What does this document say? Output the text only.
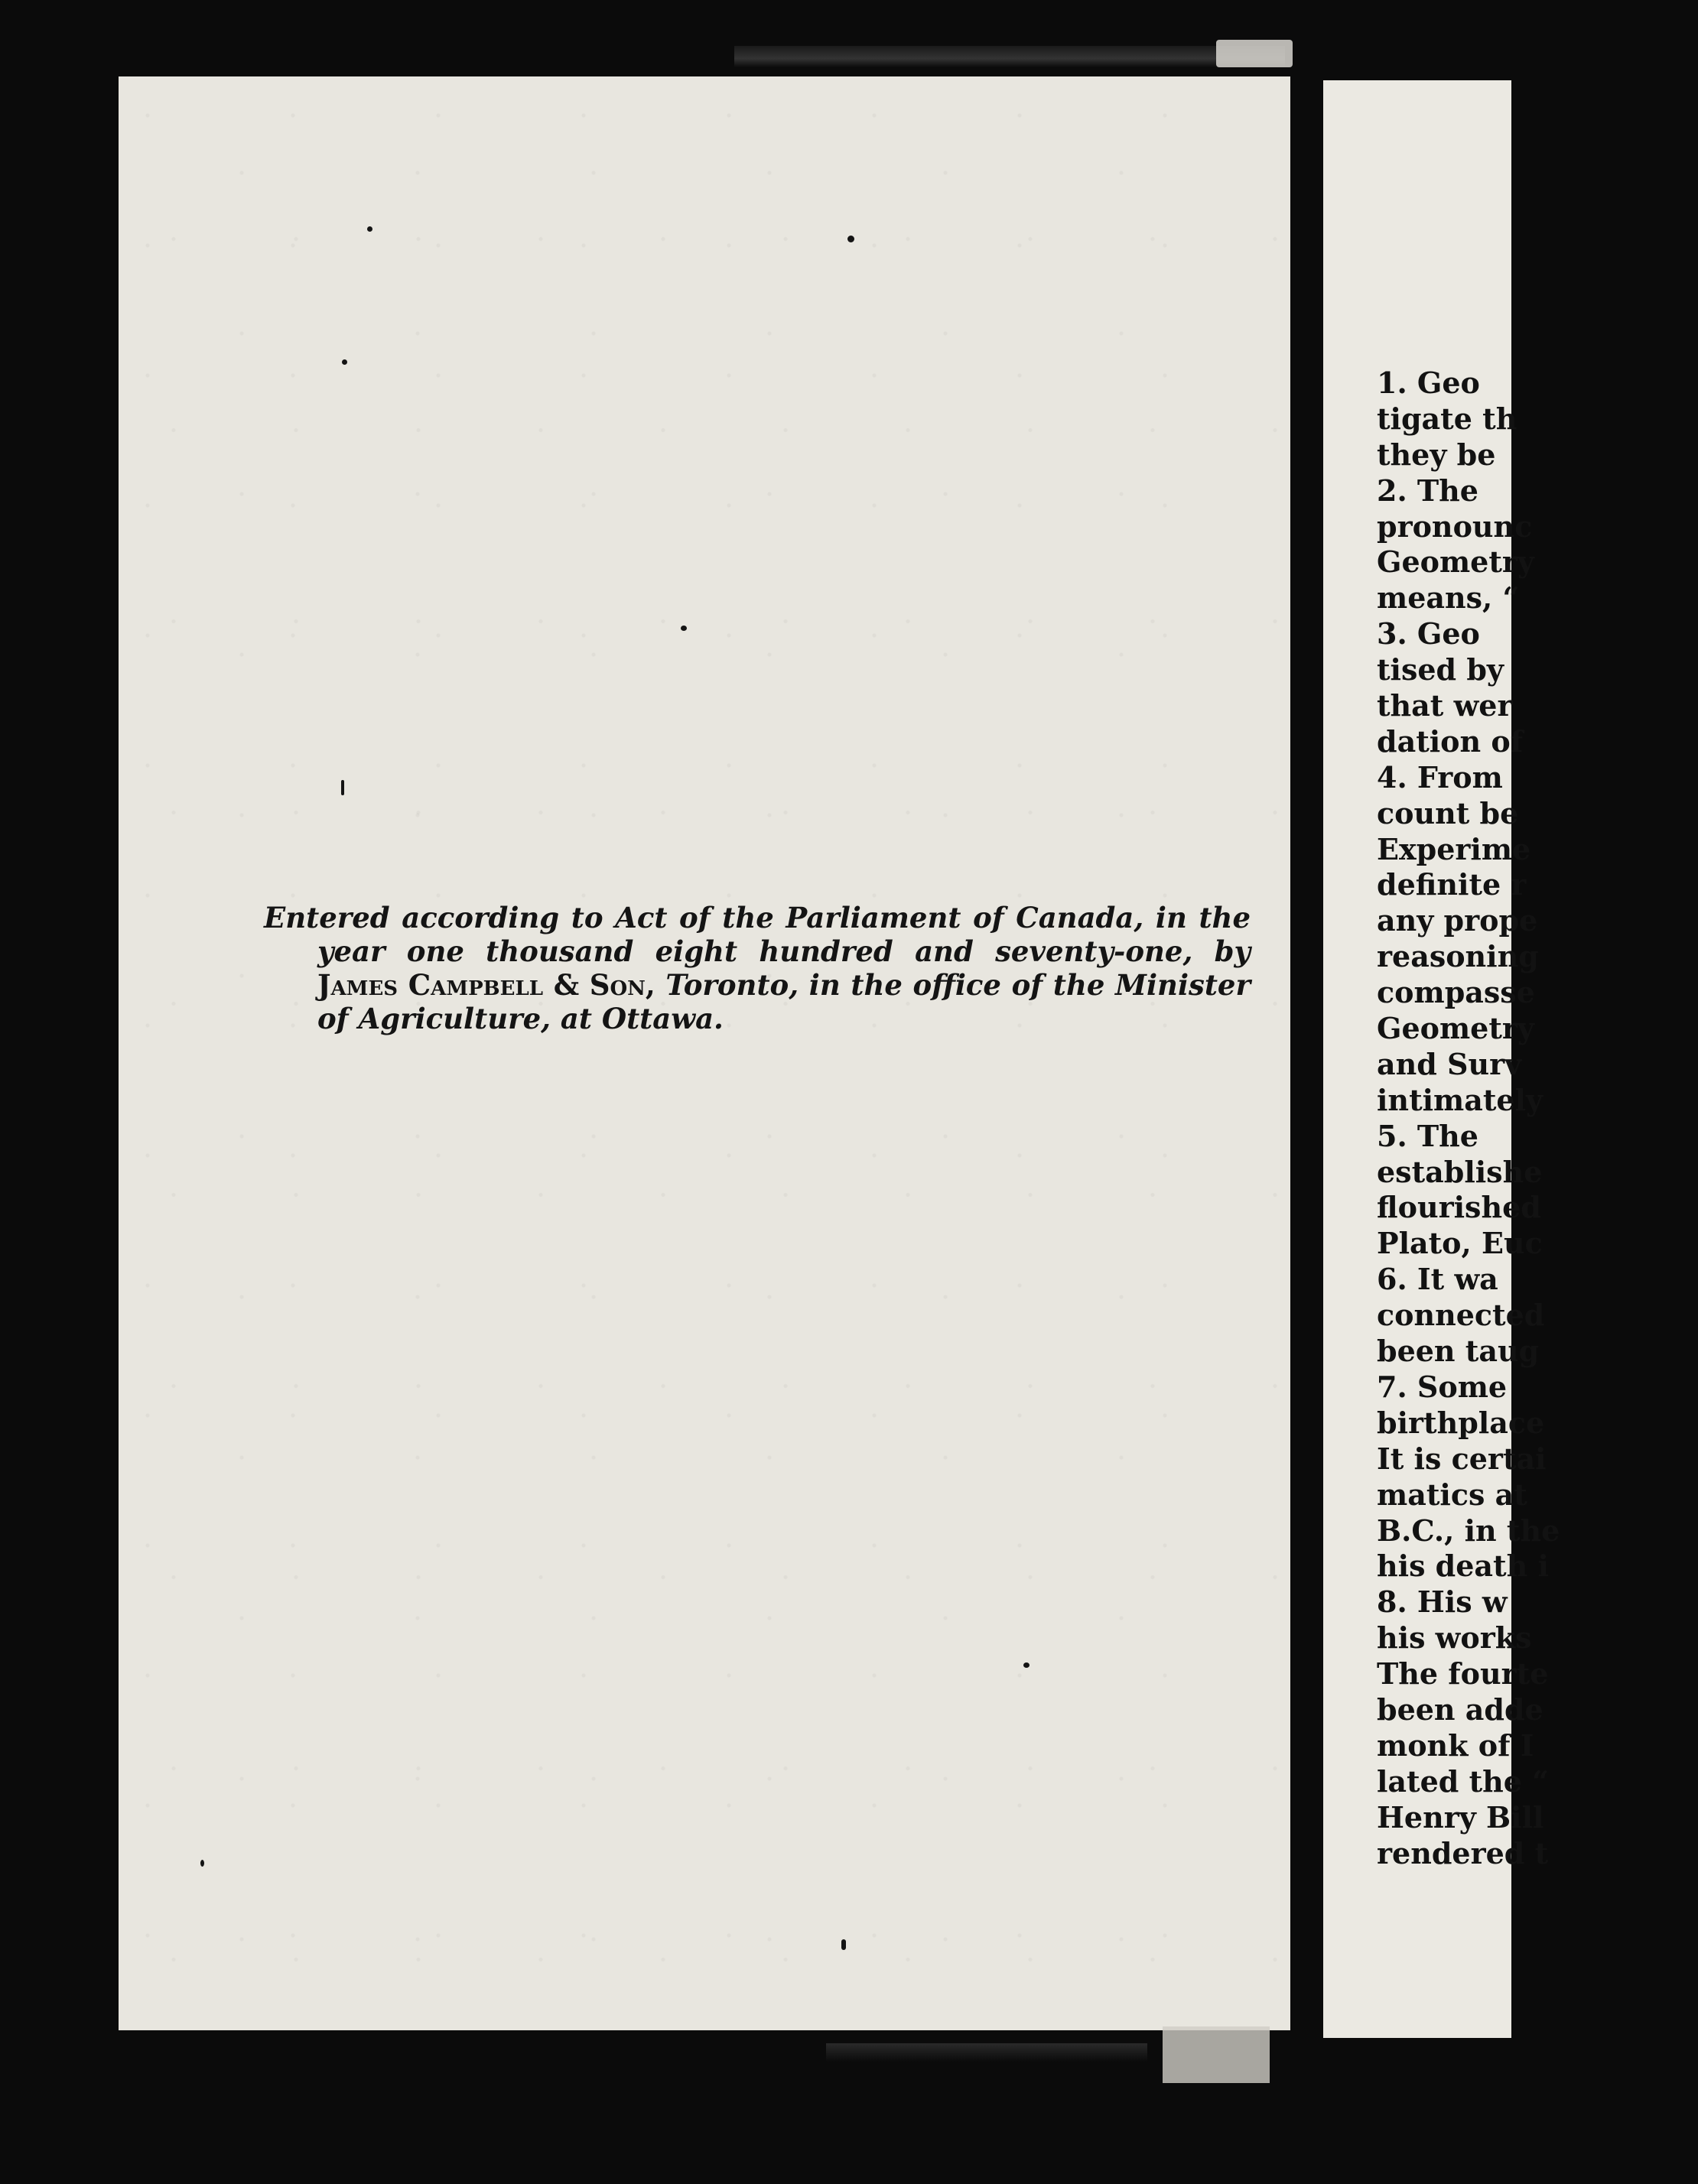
Entered according to Act of the Parliament of Canada, in the year one thousand eight hundred and seventy-one, by James Campbell & Son, Toronto, in the office of the Minister of Agriculture, at Ottawa.
1. Geo
tigate th
they be
2. The
pronounc
Geometry
means, “
3. Geo
tised by
that wer
dation of
4. From
count be
Experime
definite r
any prope
reasoning
compasse
Geometry
and Surv
intimately
5. The
establishe
flourished
Plato, Euc
6. It wa
connected
been taug
7. Some
birthplace
It is certai
matics at
B.C., in the
his death i
8. His w
his works
The fourte
been adde
monk of I
lated the “
Henry Bill
rendered t
